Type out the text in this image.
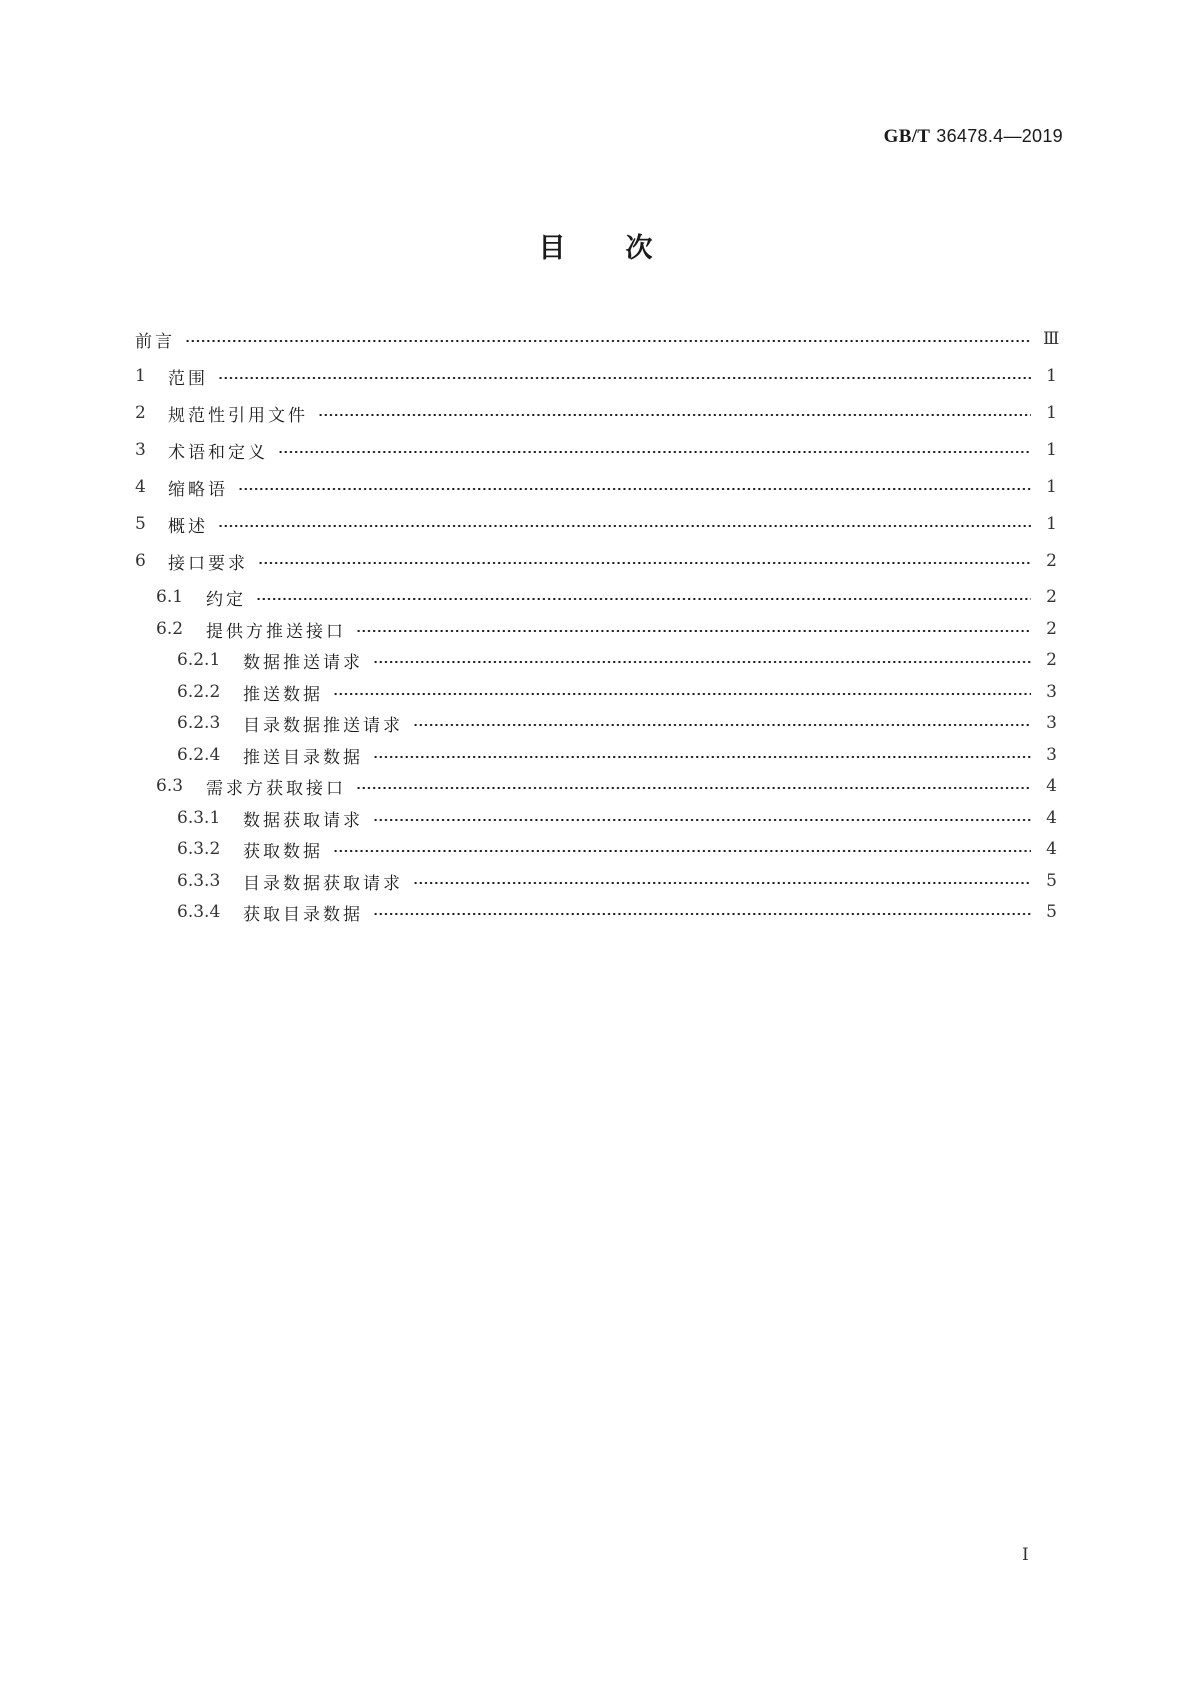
GB/T 36478.4—2019
目次
前言	Ⅲ
1	范围	1
2	规范性引用文件	1
3	术语和定义	1
4	缩略语	1
5	概述	1
6	接口要求	2
6.1	约定	2
6.2	提供方推送接口	2
6.2.1	数据推送请求	2
6.2.2	推送数据	3
6.2.3	目录数据推送请求	3
6.2.4	推送目录数据	3
6.3	需求方获取接口	4
6.3.1	数据获取请求	4
6.3.2	获取数据	4
6.3.3	目录数据获取请求	5
6.3.4	获取目录数据	5
Ⅰ
